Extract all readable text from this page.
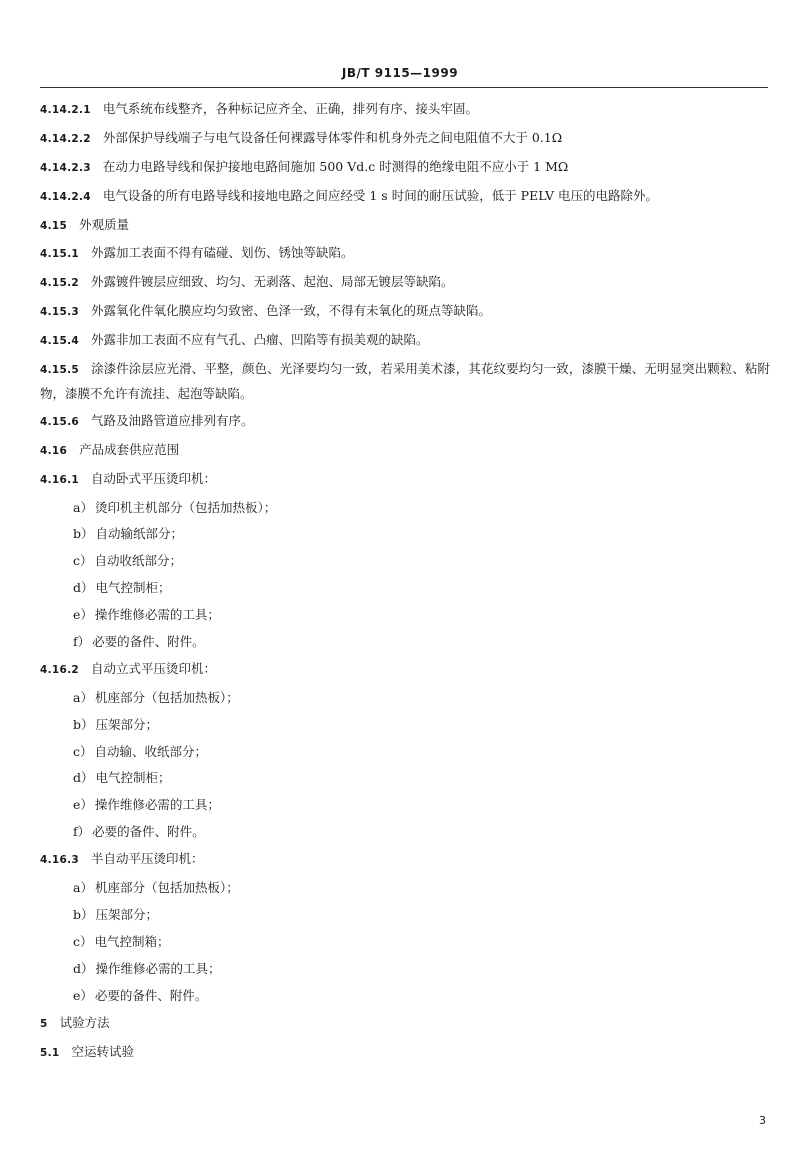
JB/T 9115—1999
4.14.2.1 电气系统布线整齐，各种标记应齐全、正确，排列有序、接头牢固。
4.14.2.2 外部保护导线端子与电气设备任何裸露导体零件和机身外壳之间电阻值不大于 0.1Ω
4.14.2.3 在动力电路导线和保护接地电路间施加 500 Vd.c 时测得的绝缘电阻不应小于 1 MΩ
4.14.2.4 电气设备的所有电路导线和接地电路之间应经受 1 s 时间的耐压试验，低于 PELV 电压的电路除外。
4.15 外观质量
4.15.1 外露加工表面不得有磕碰、划伤、锈蚀等缺陷。
4.15.2 外露镀件镀层应细致、均匀、无剥落、起泡、局部无镀层等缺陷。
4.15.3 外露氧化件氧化膜应均匀致密、色泽一致，不得有未氧化的斑点等缺陷。
4.15.4 外露非加工表面不应有气孔、凸瘤、凹陷等有损美观的缺陷。
4.15.5 涂漆件涂层应光滑、平整，颜色、光泽要均匀一致，若采用美术漆，其花纹要均匀一致，漆膜干燥、无明显突出颗粒、粘附物，漆膜不允许有流挂、起泡等缺陷。
4.15.6 气路及油路管道应排列有序。
4.16 产品成套供应范围
4.16.1 自动卧式平压烫印机：
a） 烫印机主机部分（包括加热板）；
b） 自动输纸部分；
c） 自动收纸部分；
d） 电气控制柜；
e） 操作维修必需的工具；
f） 必要的备件、附件。
4.16.2 自动立式平压烫印机：
a） 机座部分（包括加热板）；
b） 压架部分；
c） 自动输、收纸部分；
d） 电气控制柜；
e） 操作维修必需的工具；
f） 必要的备件、附件。
4.16.3 半自动平压烫印机：
a） 机座部分（包括加热板）；
b） 压架部分；
c） 电气控制箱；
d） 操作维修必需的工具；
e） 必要的备件、附件。
5 试验方法
5.1 空运转试验
3
